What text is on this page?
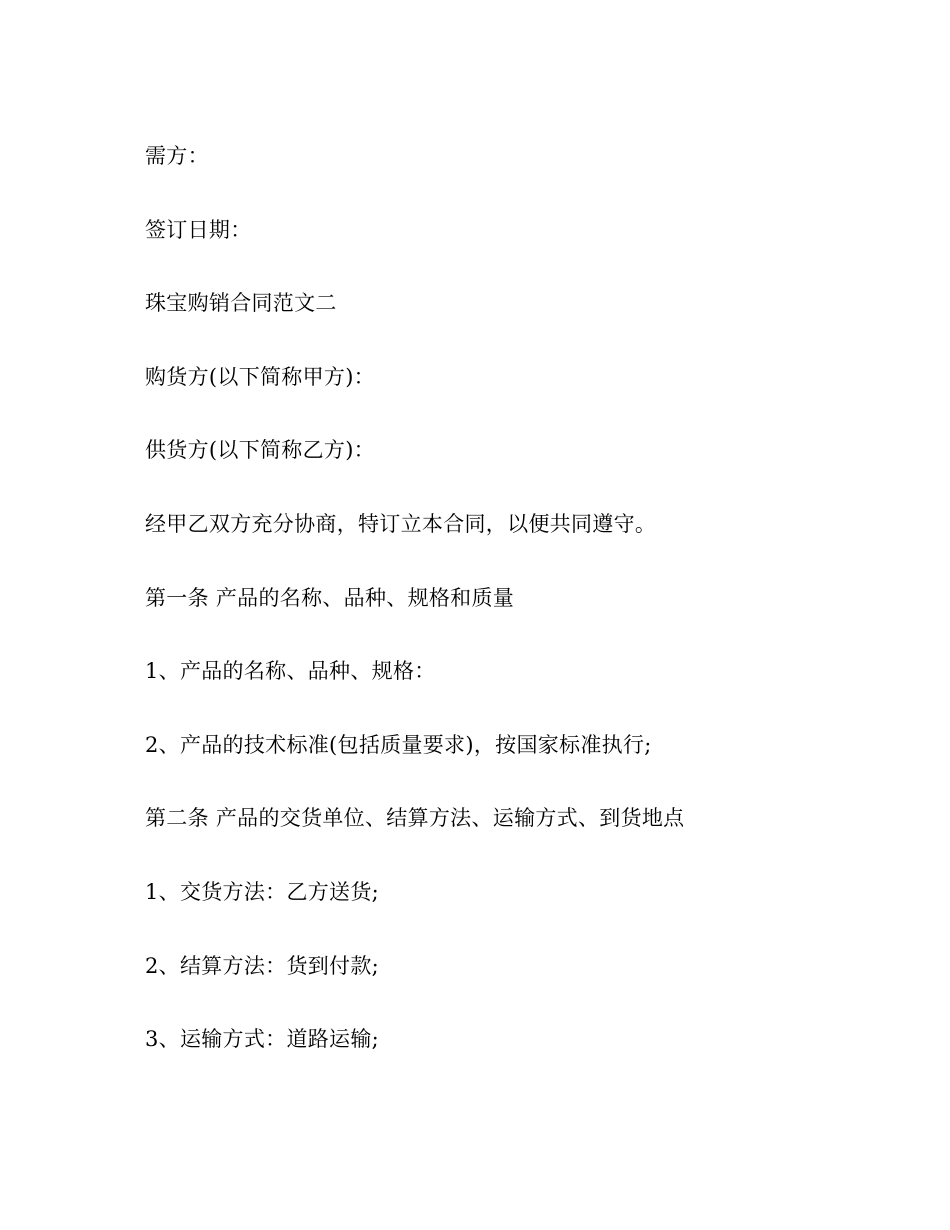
需方：
签订日期：
珠宝购销合同范文二
购货方(以下简称甲方)：
供货方(以下简称乙方)：
经甲乙双方充分协商，特订立本合同，以便共同遵守。
第一条 产品的名称、品种、规格和质量
1、产品的名称、品种、规格：
2、产品的技术标准(包括质量要求)，按国家标准执行;
第二条 产品的交货单位、结算方法、运输方式、到货地点
1、交货方法：乙方送货;
2、结算方法：货到付款;
3、运输方式：道路运输;
